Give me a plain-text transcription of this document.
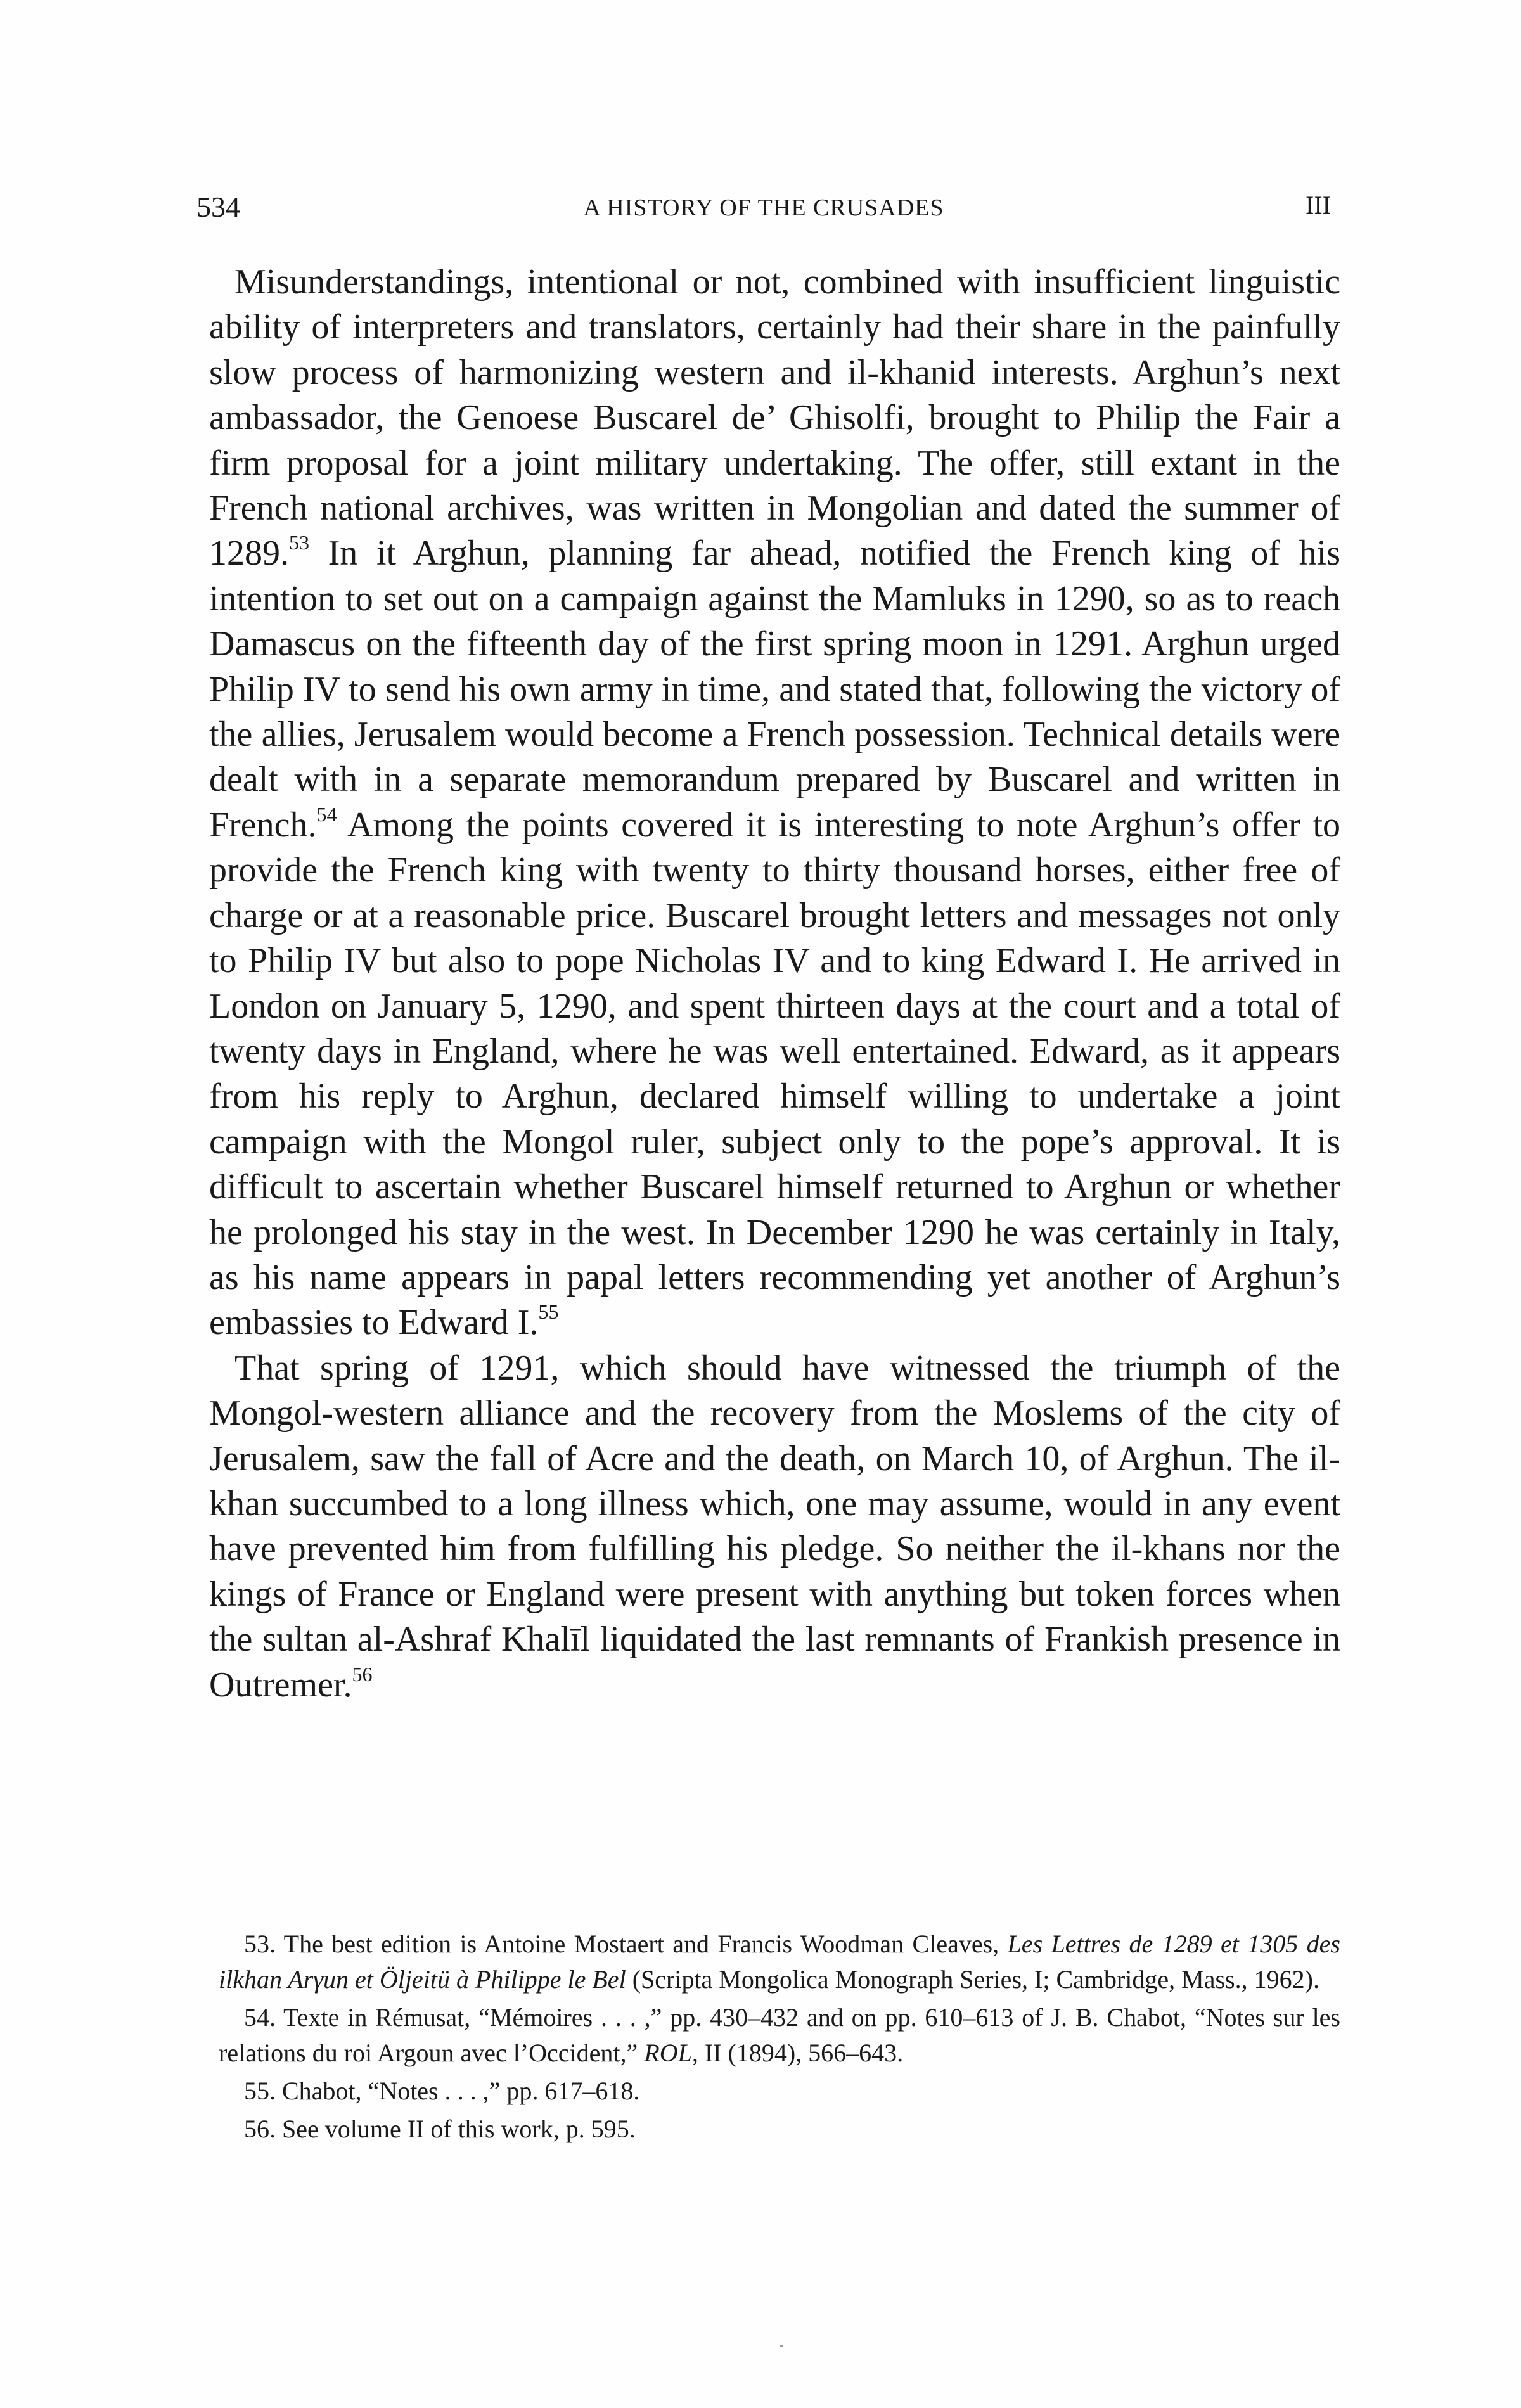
534	A HISTORY OF THE CRUSADES	III

Misunderstandings, intentional or not, combined with insufficient linguistic ability of interpreters and translators, certainly had their share in the painfully slow process of harmonizing western and il-khanid interests. Arghun’s next ambassador, the Genoese Buscarel de’ Ghisolfi, brought to Philip the Fair a firm proposal for a joint military undertaking. The offer, still extant in the French national archives, was written in Mongolian and dated the summer of 1289.53 In it Arghun, planning far ahead, notified the French king of his intention to set out on a campaign against the Mamluks in 1290, so as to reach Damascus on the fifteenth day of the first spring moon in 1291. Arghun urged Philip IV to send his own army in time, and stated that, following the victory of the allies, Jerusalem would become a French possession. Technical details were dealt with in a separate memorandum prepared by Buscarel and written in French.$^{54}$ Among the points covered it is interesting to note Arghun’s offer to provide the French king with twenty to thirty thousand horses, either free of charge or at a reasonable price. Buscarel brought letters and messages not only to Philip IV but also to pope Nicholas IV and to king Edward I. He arrived in London on January 5, 1290, and spent thirteen days at the court and a total of twenty days in England, where he was well entertained. Edward, as it appears from his reply to Arghun, declared himself willing to undertake a joint campaign with the Mongol ruler, subject only to the pope’s approval. It is difficult to ascertain whether Buscarel himself returned to Arghun or whether he prolonged his stay in the west. In December 1290 he was certainly in Italy, as his name appears in papal letters recommending yet another of Arghun’s embassies to Edward I.$^{55}$

That spring of 1291, which should have witnessed the triumph of the Mongol-western alliance and the recovery from the Moslems of the city of Jerusalem, saw the fall of Acre and the death, on March 10, of Arghun. The il-khan succumbed to a long illness which, one may assume, would in any event have prevented him from fulfilling his pledge. So neither the il-khans nor the kings of France or England were present with anything but token forces when the sultan al-Ashraf Khalīl liquidated the last remnants of Frankish presence in Outremer.$^{56}$

53. The best edition is Antoine Mostaert and Francis Woodman Cleaves, Les Lettres de 1289 et 1305 des ilkhan Arγun et Öljeitü à Philippe le Bel (Scripta Mongolica Monograph Series, I; Cambridge, Mass., 1962).

54. Texte in Rémusat, “Mémoires . . . ,” pp. 430–432 and on pp. 610–613 of J. B. Chabot, “Notes sur les relations du roi Argoun avec l’Occident,” ROL, II (1894), 566–643.

55. Chabot, “Notes . . . ,” pp. 617–618.

56. See volume II of this work, p. 595.
